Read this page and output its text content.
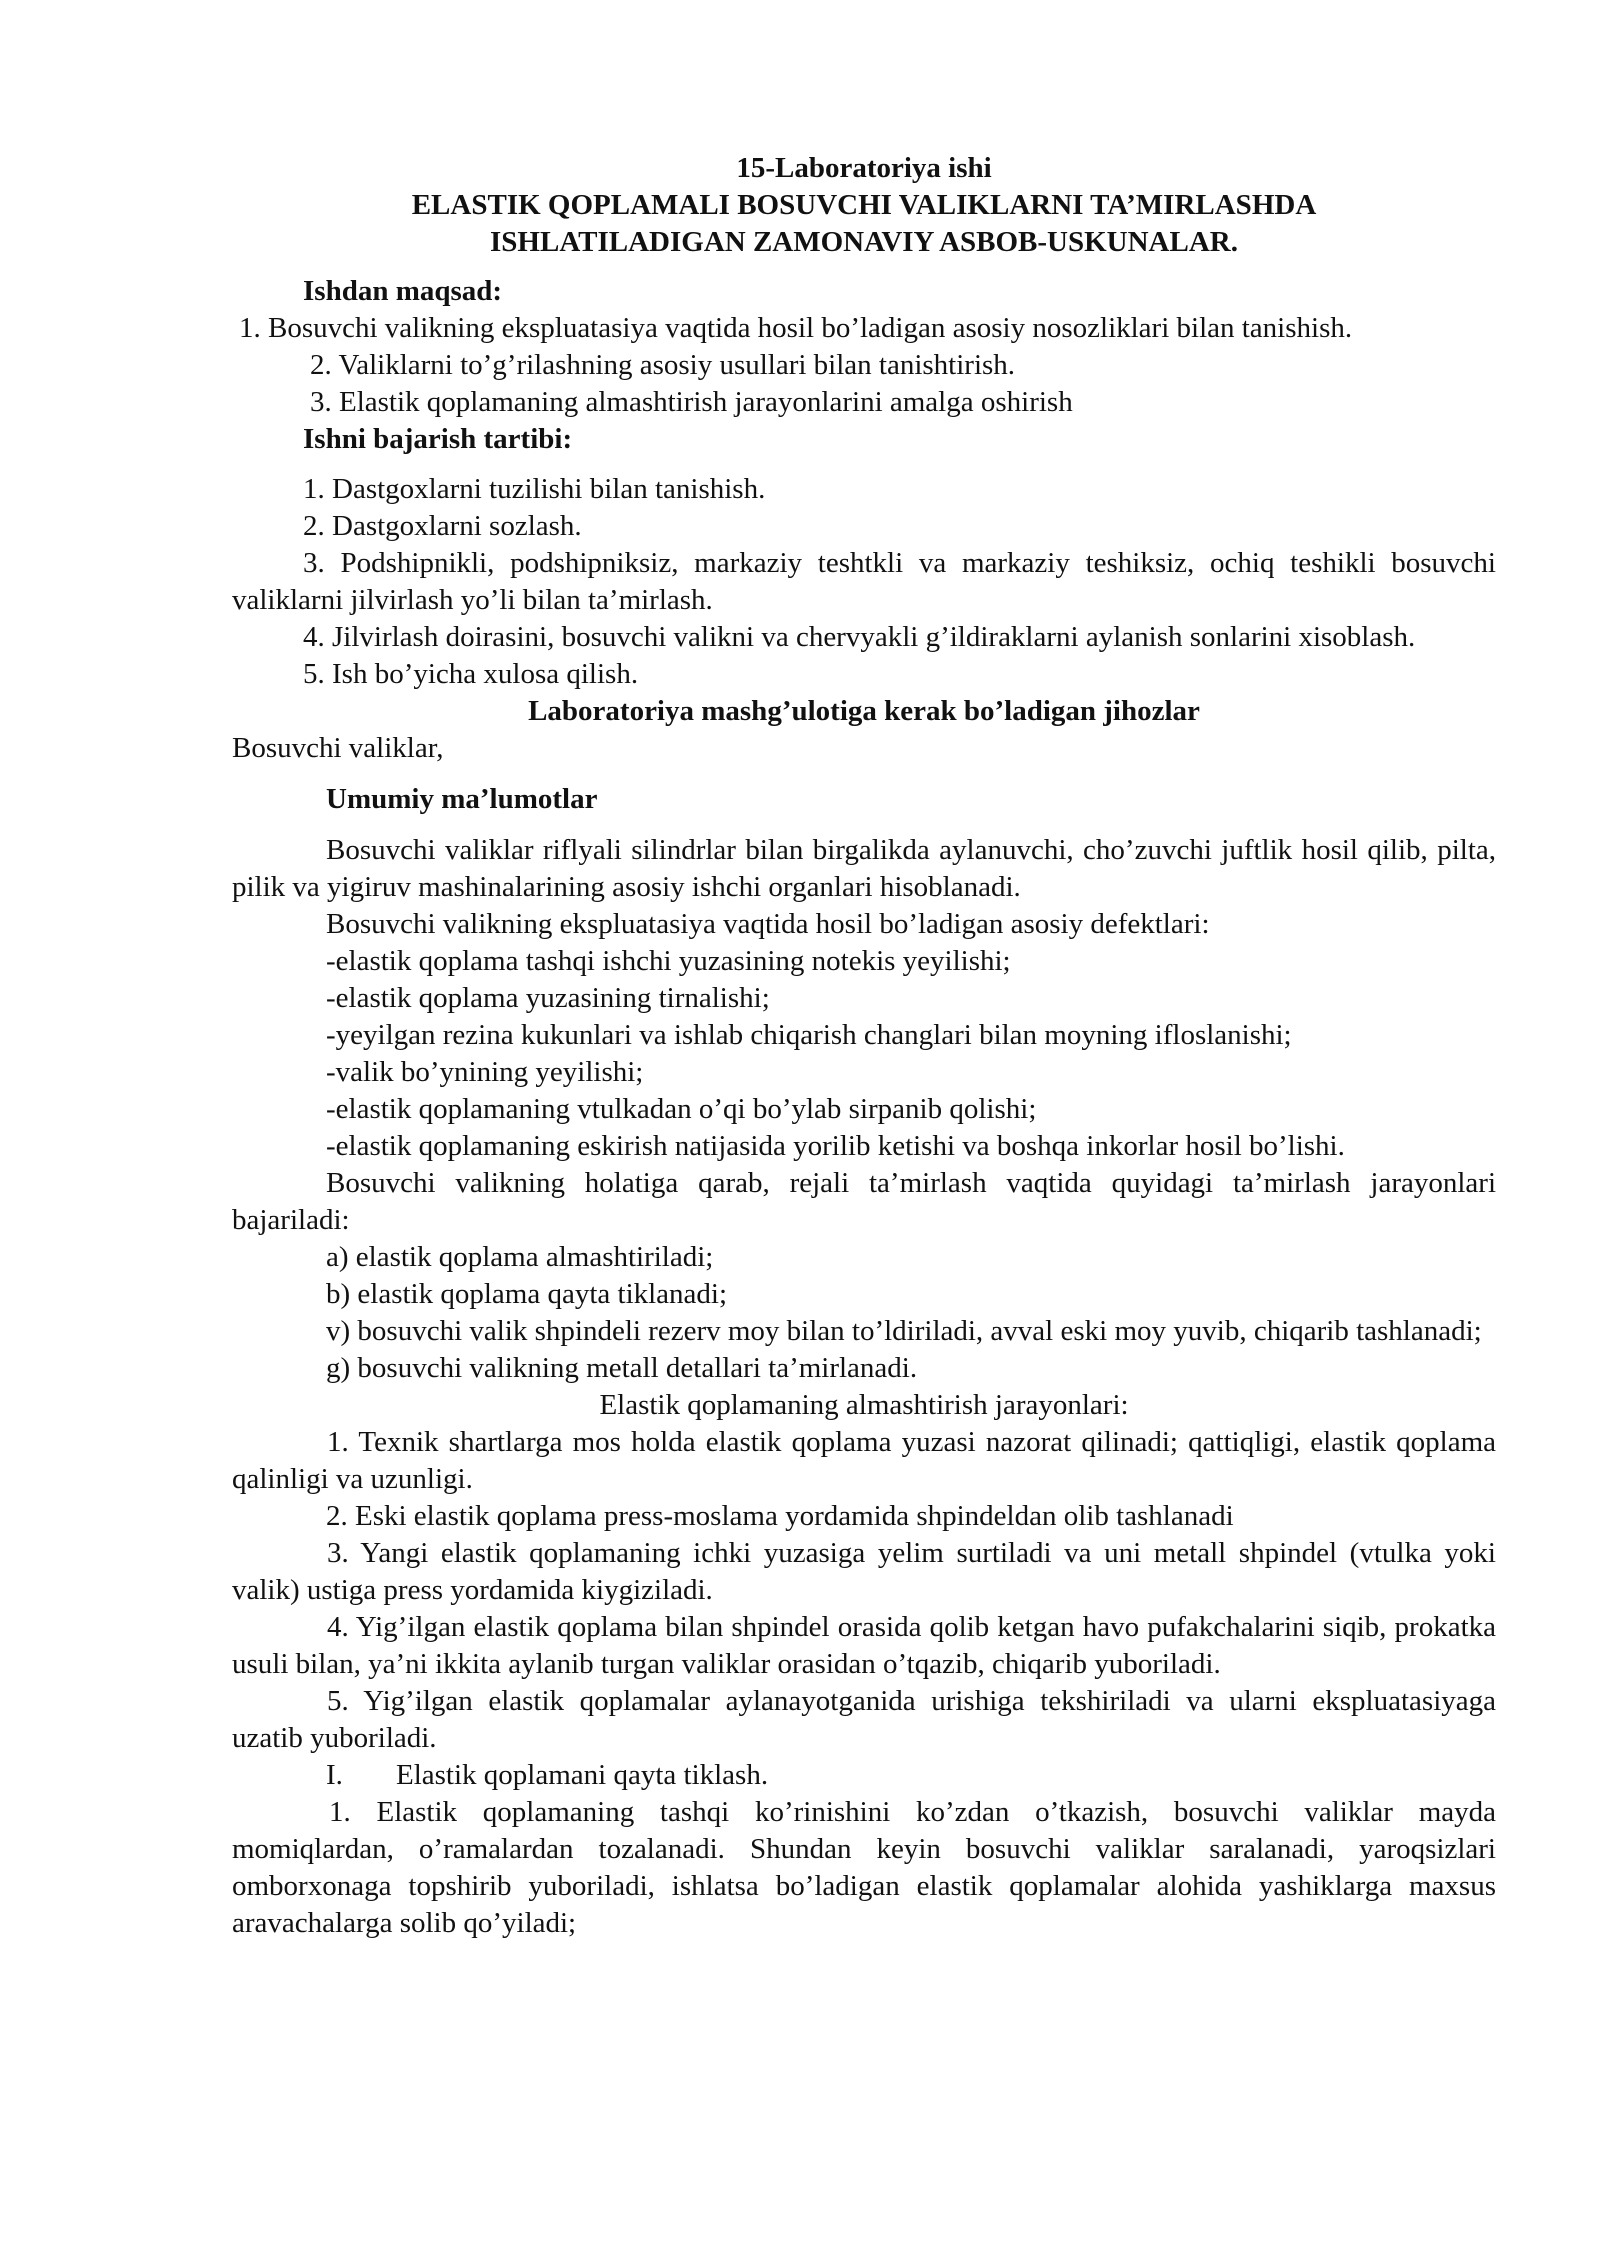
15-Laboratoriya ishi
ELASTIK QOPLAMALI BOSUVCHI VALIKLARNI TA’MIRLASHDA
ISHLATILADIGAN ZAMONAVIY ASBOB-USKUNALAR.
Ishdan maqsad:
1. Bosuvchi valikning ekspluatasiya vaqtida hosil bo’ladigan asosiy nosozliklari bilan tanishish.
2. Valiklarni to’g’rilashning asosiy usullari bilan tanishtirish.
3. Elastik qoplamaning almashtirish jarayonlarini amalga oshirish
Ishni bajarish tartibi:
1. Dastgoxlarni tuzilishi bilan tanishish.
2. Dastgoxlarni sozlash.
3. Podshipnikli, podshipniksiz, markaziy teshtkli va markaziy teshiksiz, ochiq teshikli bosuvchi valiklarni jilvirlash yo’li bilan ta’mirlash.
4. Jilvirlash doirasini, bosuvchi valikni va chervyakli g’ildiraklarni aylanish sonlarini xisoblash.
5. Ish bo’yicha xulosa qilish.
Laboratoriya mashg’ulotiga kerak bo’ladigan jihozlar
Bosuvchi valiklar,
Umumiy ma’lumotlar
Bosuvchi valiklar riflyali silindrlar bilan birgalikda aylanuvchi, cho’zuvchi juftlik hosil qilib, pilta, pilik va yigiruv mashinalarining asosiy ishchi organlari hisoblanadi.
Bosuvchi valikning ekspluatasiya vaqtida hosil bo’ladigan asosiy defektlari:
-elastik qoplama tashqi ishchi yuzasining notekis yeyilishi;
-elastik qoplama yuzasining tirnalishi;
-yeyilgan rezina kukunlari va ishlab chiqarish changlari bilan moyning ifloslanishi;
-valik bo’ynining yeyilishi;
-elastik qoplamaning vtulkadan o’qi bo’ylab sirpanib qolishi;
-elastik qoplamaning eskirish natijasida yorilib ketishi va boshqa inkorlar hosil bo’lishi.
Bosuvchi valikning holatiga qarab, rejali ta’mirlash vaqtida quyidagi ta’mirlash jarayonlari bajariladi:
a) elastik qoplama almashtiriladi;
b) elastik qoplama qayta tiklanadi;
v) bosuvchi valik shpindeli rezerv moy bilan to’ldiriladi, avval eski moy yuvib, chiqarib tashlanadi;
g) bosuvchi valikning metall detallari ta’mirlanadi.
Elastik qoplamaning almashtirish jarayonlari:
1. Texnik shartlarga mos holda elastik qoplama yuzasi nazorat qilinadi; qattiqligi, elastik qoplama qalinligi va uzunligi.
2. Eski elastik qoplama press-moslama yordamida shpindeldan olib tashlanadi
3. Yangi elastik qoplamaning ichki yuzasiga yelim surtiladi va uni metall shpindel (vtulka yoki valik) ustiga press yordamida kiygiziladi.
4. Yig’ilgan elastik qoplama bilan shpindel orasida qolib ketgan havo pufakchalarini siqib, prokatka usuli bilan, ya’ni ikkita aylanib turgan valiklar orasidan o’tqazib, chiqarib yuboriladi.
5. Yig’ilgan elastik qoplamalar aylanayotganida urishiga tekshiriladi va ularni ekspluatasiyaga uzatib yuboriladi.
I. Elastik qoplamani qayta tiklash.
1. Elastik qoplamaning tashqi ko’rinishini ko’zdan o’tkazish, bosuvchi valiklar mayda momiqlardan, o’ramalardan tozalanadi. Shundan keyin bosuvchi valiklar saralanadi, yaroqsizlari omborxonaga topshirib yuboriladi, ishlatsa bo’ladigan elastik qoplamalar alohida yashiklarga maxsus aravachalarga solib qo’yiladi;
